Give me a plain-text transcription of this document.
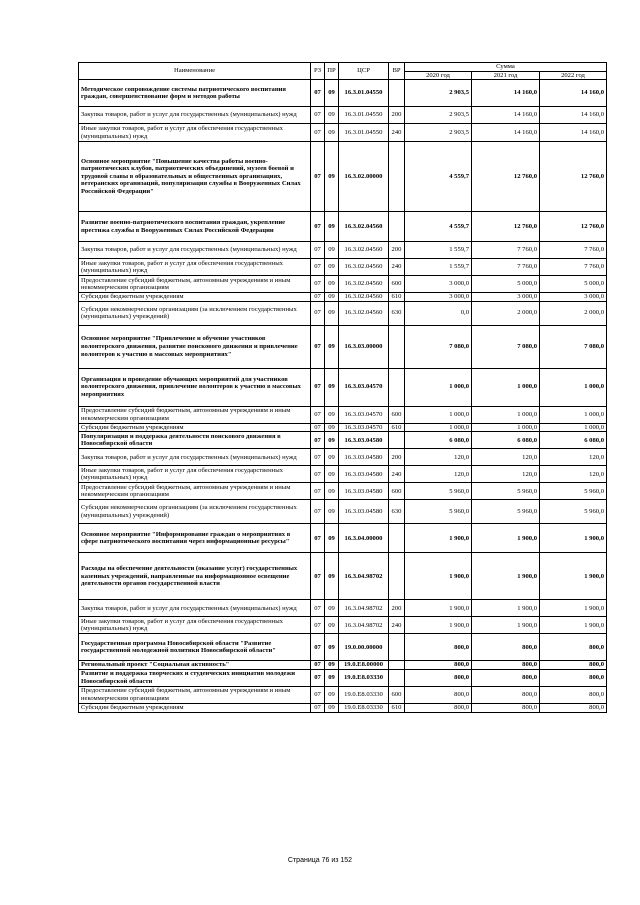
Наименование	РЗ	ПР	ЦСР	ВР	Сумма		
					2020 год	2021 год	2022 год
Методическое сопровождение системы патриотического воспитания граждан, совершенствование форм и методов работы	07	09	16.3.01.04550		2 903,5	14 160,0	14 160,0
Закупка товаров, работ и услуг для государственных (муниципальных) нужд	07	09	16.3.01.04550	200	2 903,5	14 160,0	14 160,0
Иные закупки товаров, работ и услуг для обеспечения государственных (муниципальных) нужд	07	09	16.3.01.04550	240	2 903,5	14 160,0	14 160,0
Основное мероприятие "Повышение качества работы военно-патриотических клубов, патриотических объединений, музеев боевой и трудовой славы в образовательных и общественных организациях, ветеранских организаций, популяризация службы в Вооруженных Силах Российской Федерации"	07	09	16.3.02.00000		4 559,7	12 760,0	12 760,0
Развитие военно-патриотического воспитания граждан, укрепление престижа службы в Вооруженных Силах Российской Федерации	07	09	16.3.02.04560		4 559,7	12 760,0	12 760,0
Закупка товаров, работ и услуг для государственных (муниципальных) нужд	07	09	16.3.02.04560	200	1 559,7	7 760,0	7 760,0
Иные закупки товаров, работ и услуг для обеспечения государственных (муниципальных) нужд	07	09	16.3.02.04560	240	1 559,7	7 760,0	7 760,0
Предоставление субсидий бюджетным, автономным учреждениям и иным некоммерческим организациям	07	09	16.3.02.04560	600	3 000,0	5 000,0	5 000,0
Субсидии бюджетным учреждениям	07	09	16.3.02.04560	610	3 000,0	3 000,0	3 000,0
Субсидии некоммерческим организациям (за исключением государственных (муниципальных) учреждений)	07	09	16.3.02.04560	630	0,0	2 000,0	2 000,0
Основное мероприятие "Привлечение и обучение участников волонтерского движения, развитие поискового движения и привлечение волонтеров к участию в массовых мероприятиях"	07	09	16.3.03.00000		7 080,0	7 080,0	7 080,0
Организация и проведение обучающих мероприятий для участников волонтерского движения, привлечение волонтеров к участию в массовых мероприятиях	07	09	16.3.03.04570		1 000,0	1 000,0	1 000,0
Предоставление субсидий бюджетным, автономным учреждениям и иным некоммерческим организациям	07	09	16.3.03.04570	600	1 000,0	1 000,0	1 000,0
Субсидии бюджетным учреждениям	07	09	16.3.03.04570	610	1 000,0	1 000,0	1 000,0
Популяризация и поддержка деятельности поискового движения в Новосибирской области	07	09	16.3.03.04580		6 080,0	6 080,0	6 080,0
Закупка товаров, работ и услуг для государственных (муниципальных) нужд	07	09	16.3.03.04580	200	120,0	120,0	120,0
Иные закупки товаров, работ и услуг для обеспечения государственных (муниципальных) нужд	07	09	16.3.03.04580	240	120,0	120,0	120,0
Предоставление субсидий бюджетным, автономным учреждениям и иным некоммерческим организациям	07	09	16.3.03.04580	600	5 960,0	5 960,0	5 960,0
Субсидии некоммерческим организациям (за исключением государственных (муниципальных) учреждений)	07	09	16.3.03.04580	630	5 960,0	5 960,0	5 960,0
Основное мероприятие "Информирование граждан о мероприятиях в сфере патриотического воспитания через информационные ресурсы"	07	09	16.3.04.00000		1 900,0	1 900,0	1 900,0
Расходы на обеспечение деятельности (оказание услуг) государственных казенных учреждений, направленные на информационное освещение деятельности органов государственной власти	07	09	16.3.04.98702		1 900,0	1 900,0	1 900,0
Закупка товаров, работ и услуг для государственных (муниципальных) нужд	07	09	16.3.04.98702	200	1 900,0	1 900,0	1 900,0
Иные закупки товаров, работ и услуг для обеспечения государственных (муниципальных) нужд	07	09	16.3.04.98702	240	1 900,0	1 900,0	1 900,0
Государственная программа Новосибирской области "Развитие государственной молодежной политики Новосибирской области"	07	09	19.0.00.00000		800,0	800,0	800,0
Региональный проект "Социальная активность"	07	09	19.0.E8.00000		800,0	800,0	800,0
Развитие и поддержка творческих и студенческих инициатив молодежи Новосибирской области	07	09	19.0.E8.03330		800,0	800,0	800,0
Предоставление субсидий бюджетным, автономным учреждениям и иным некоммерческим организациям	07	09	19.0.E8.03330	600	800,0	800,0	800,0
Субсидии бюджетным учреждениям	07	09	19.0.E8.03330	610	800,0	800,0	800,0
Страница 76 из 152
